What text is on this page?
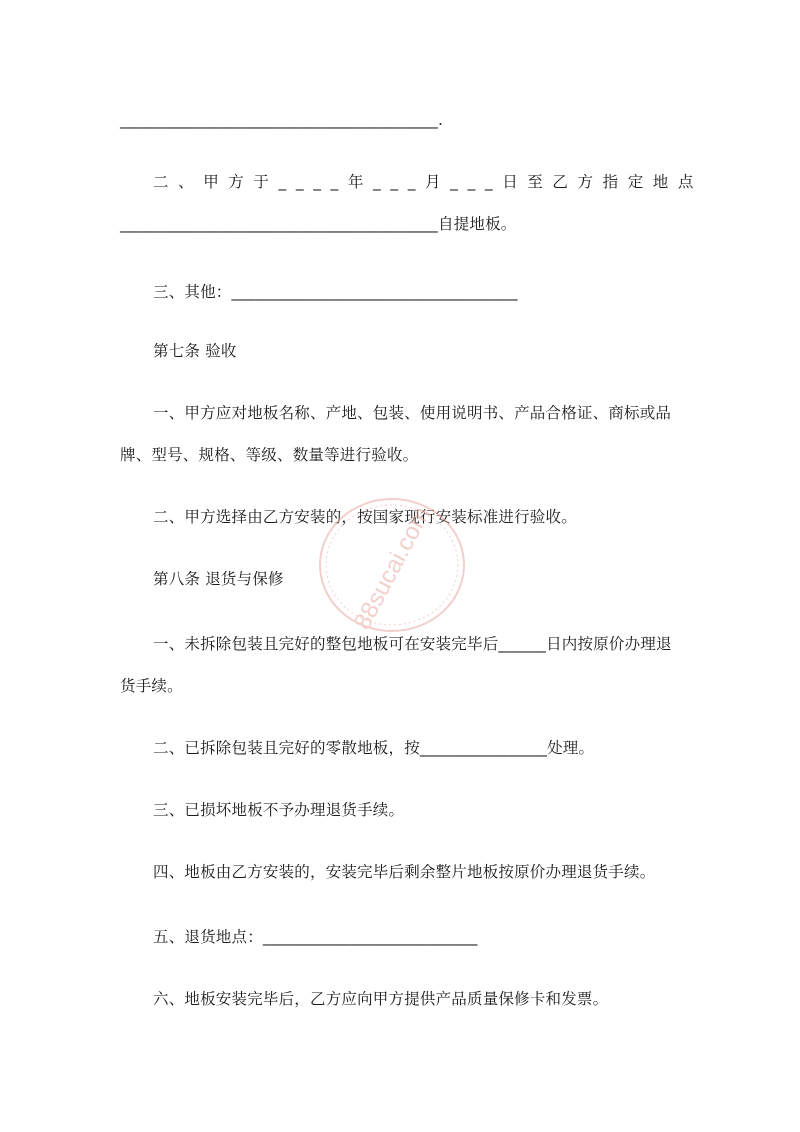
________________________________________.
二、甲方于____年___月___日至乙方指定地点
________________________________________自提地板。
三、其他：____________________________________
第七条 验收
一、甲方应对地板名称、产地、包装、使用说明书、产品合格证、商标或品
牌、型号、规格、等级、数量等进行验收。
二、甲方选择由乙方安装的，按国家现行安装标准进行验收。
第八条 退货与保修
一、未拆除包装且完好的整包地板可在安装完毕后______日内按原价办理退
货手续。
二、已拆除包装且完好的零散地板，按________________处理。
三、已损坏地板不予办理退货手续。
四、地板由乙方安装的，安装完毕后剩余整片地板按原价办理退货手续。
五、退货地点：___________________________
六、地板安装完毕后，乙方应向甲方提供产品质量保修卡和发票。
88sucai.com
